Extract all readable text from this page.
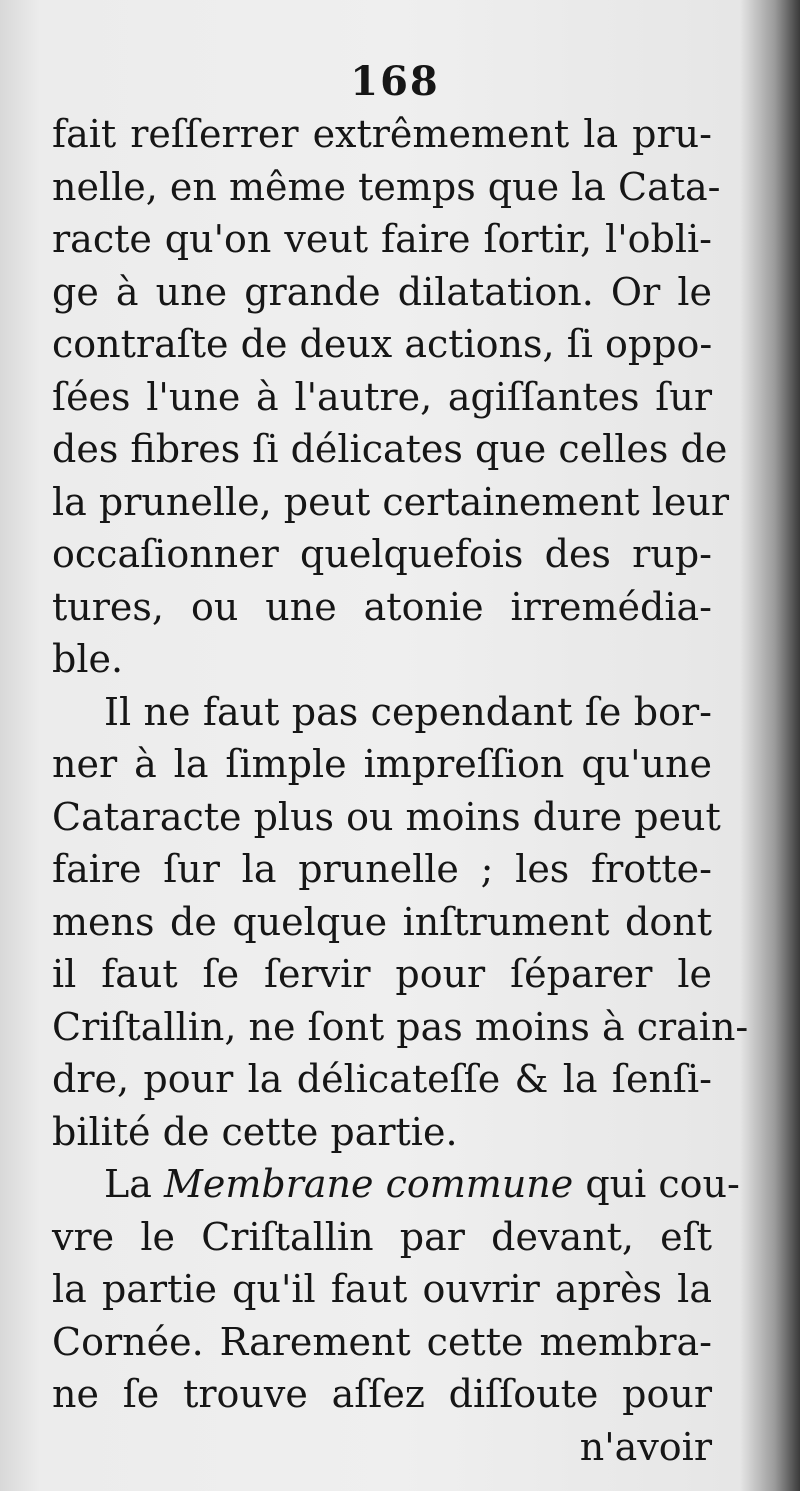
168
fait reſſerrer extrêmement la pru-
nelle, en même temps que la Cata-
racte qu'on veut faire ſortir, l'obli-
ge à une grande dilatation. Or le
contraſte de deux actions, ſi oppo-
ſées l'une à l'autre, agiſſantes ſur
des fibres ſi délicates que celles de
la prunelle, peut certainement leur
occaſionner quelquefois des rup-
tures, ou une atonie irremédia-
ble.
Il ne faut pas cependant ſe bor-
ner à la ſimple impreſſion qu'une
Cataracte plus ou moins dure peut
faire ſur la prunelle ; les frotte-
mens de quelque inſtrument dont
il faut ſe ſervir pour ſéparer le
Criſtallin, ne ſont pas moins à crain-
dre, pour la délicateſſe & la ſenſi-
bilité de cette partie.
La Membrane commune qui cou-
vre le Criſtallin par devant, eſt
la partie qu'il faut ouvrir après la
Cornée. Rarement cette membra-
ne ſe trouve aſſez diſſoute pour
n'avoir
